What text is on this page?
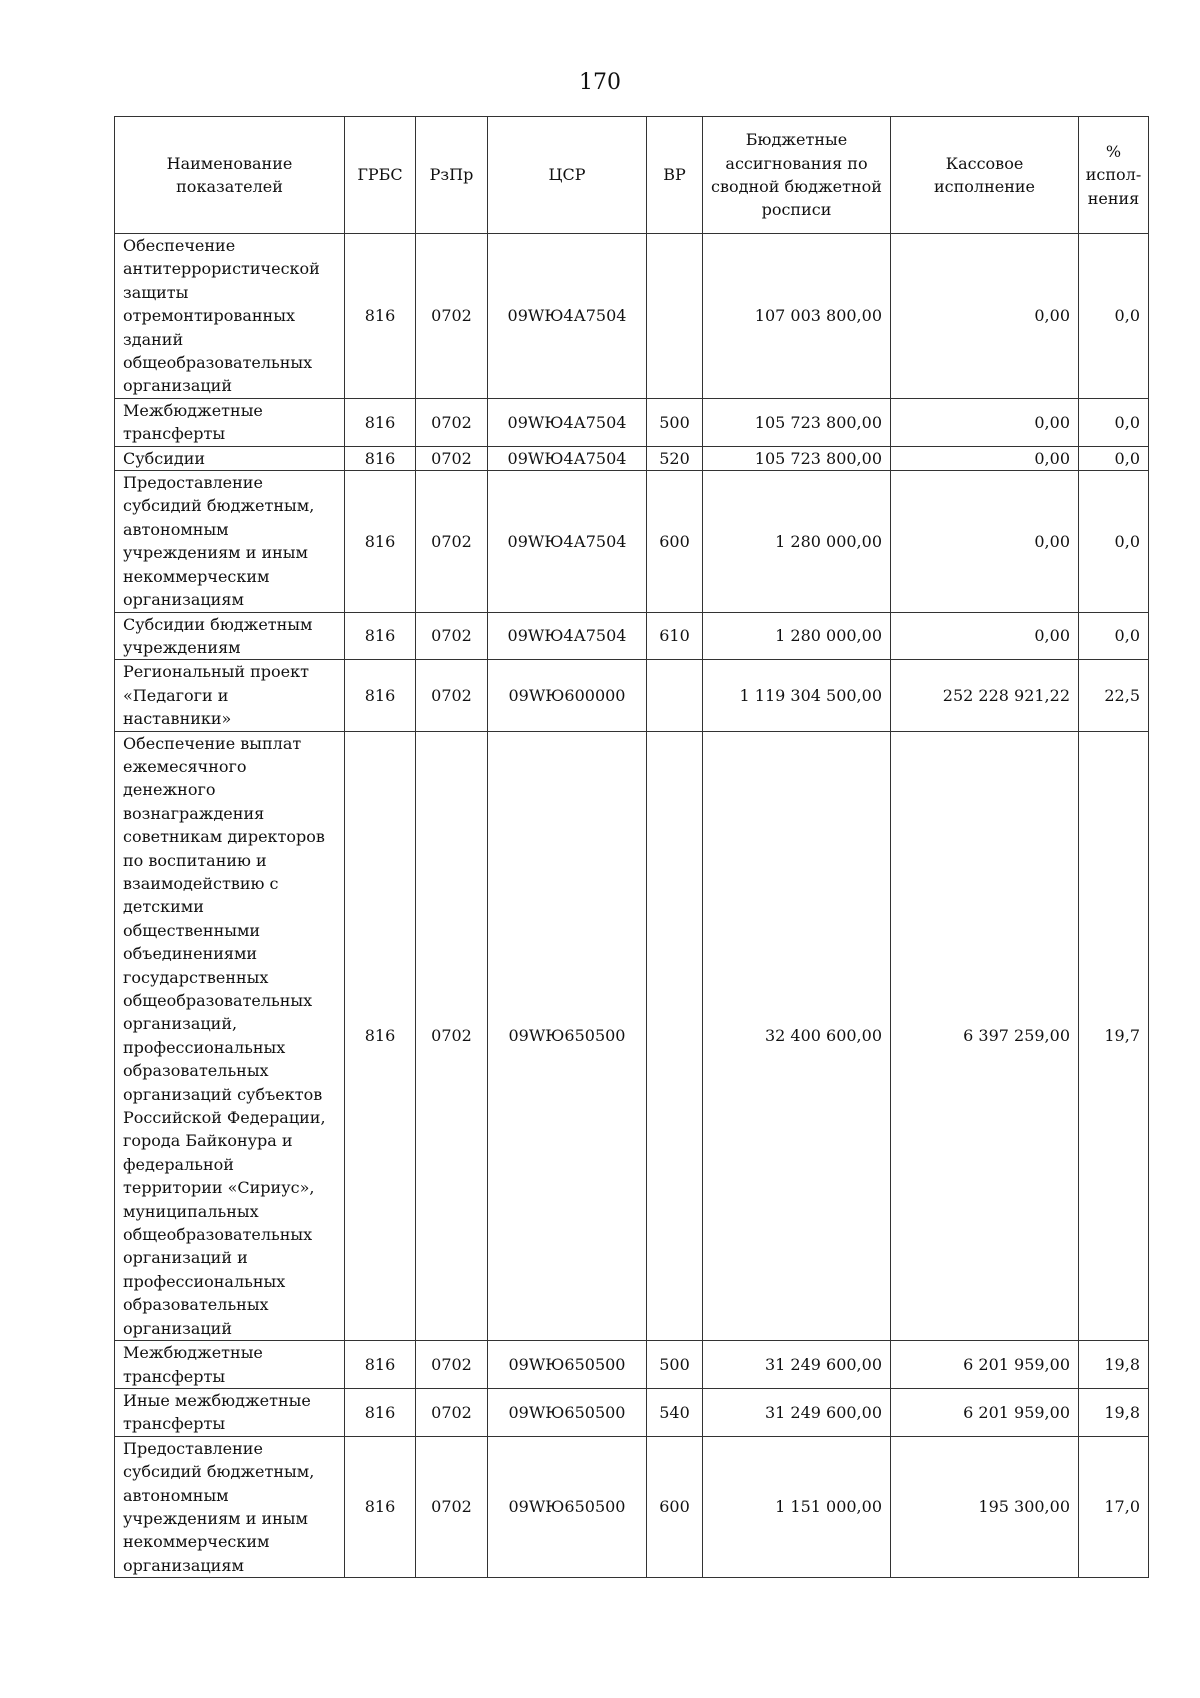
170
Наименование показателей	ГРБС	РзПр	ЦСР	ВР	Бюджетные ассигнования по сводной бюджетной росписи	Кассовое исполнение	% испол-нения
Обеспечение антитеррористической защиты отремонтированных зданий общеобразовательных организаций	816	0702	09WЮ4А7504		107 003 800,00	0,00	0,0
Межбюджетные трансферты	816	0702	09WЮ4А7504	500	105 723 800,00	0,00	0,0
Субсидии	816	0702	09WЮ4А7504	520	105 723 800,00	0,00	0,0
Предоставление субсидий бюджетным, автономным учреждениям и иным некоммерческим организациям	816	0702	09WЮ4А7504	600	1 280 000,00	0,00	0,0
Субсидии бюджетным учреждениям	816	0702	09WЮ4А7504	610	1 280 000,00	0,00	0,0
Региональный проект «Педагоги и наставники»	816	0702	09WЮ600000		1 119 304 500,00	252 228 921,22	22,5
Обеспечение выплат ежемесячного денежного вознаграждения советникам директоров по воспитанию и взаимодействию с детскими общественными объединениями государственных общеобразовательных организаций, профессиональных образовательных организаций субъектов Российской Федерации, города Байконура и федеральной территории «Сириус», муниципальных общеобразовательных организаций и профессиональных образовательных организаций	816	0702	09WЮ650500		32 400 600,00	6 397 259,00	19,7
Межбюджетные трансферты	816	0702	09WЮ650500	500	31 249 600,00	6 201 959,00	19,8
Иные межбюджетные трансферты	816	0702	09WЮ650500	540	31 249 600,00	6 201 959,00	19,8
Предоставление субсидий бюджетным, автономным учреждениям и иным некоммерческим организациям	816	0702	09WЮ650500	600	1 151 000,00	195 300,00	17,0
